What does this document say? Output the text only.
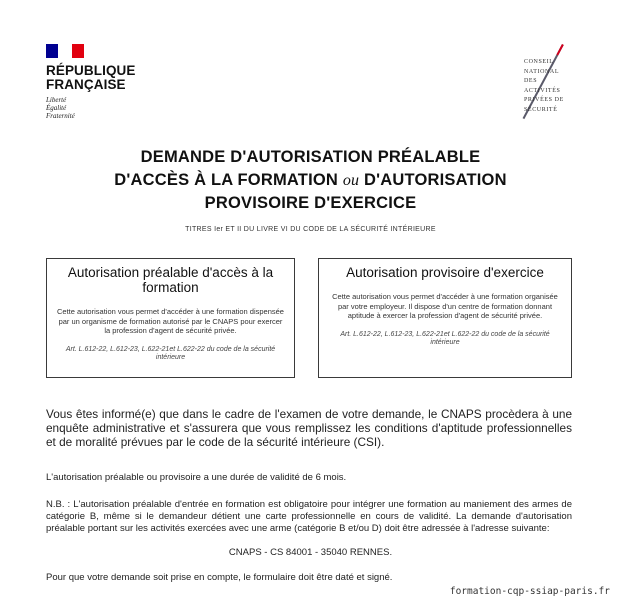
RÉPUBLIQUE
FRANÇAISE
Liberté
Égalité
Fraternité
CONSEIL
NATIONAL DES
ACTIVITÉS
PRIVÉES DE
SÉCURITÉ
DEMANDE D'AUTORISATION PRÉALABLE
D'ACCÈS À LA FORMATION ou D'AUTORISATION
PROVISOIRE D'EXERCICE
TITRES Ier ET II DU LIVRE VI DU CODE DE LA SÉCURITÉ INTÉRIEURE
Autorisation préalable d'accès à la formation
Cette autorisation vous permet d'accéder à une formation dispensée par un organisme de formation autorisé par le CNAPS pour exercer la profession d'agent de sécurité privée.
Art. L.612-22, L.612-23, L.622-21et L.622-22 du code de la sécurité intérieure
Autorisation provisoire d'exercice
Cette autorisation vous permet d'accéder à une formation organisée par votre employeur. Il dispose d'un centre de formation donnant aptitude à exercer la profession d'agent de sécurité privée.
Art. L.612-22, L.612-23, L.622-21et L.622-22 du code de la sécurité intérieure
Vous êtes informé(e) que dans le cadre de l'examen de votre demande, le CNAPS procèdera à une enquête administrative et s'assurera que vous remplissez les conditions d'aptitude professionnelles et de moralité prévues par le code de la sécurité intérieure (CSI).
L'autorisation préalable ou provisoire a une durée de validité de 6 mois.
N.B. : L'autorisation préalable d'entrée en formation est obligatoire pour intégrer une formation au maniement des armes de catégorie B, même si le demandeur détient une carte professionnelle en cours de validité. La demande d'autorisation préalable portant sur les activités exercées avec une arme (catégorie B et/ou D) doit être adressée à l'adresse suivante:
CNAPS - CS 84001 - 35040 RENNES.
Pour que votre demande soit prise en compte, le formulaire doit être daté et signé.
formation-cqp-ssiap-paris.fr
